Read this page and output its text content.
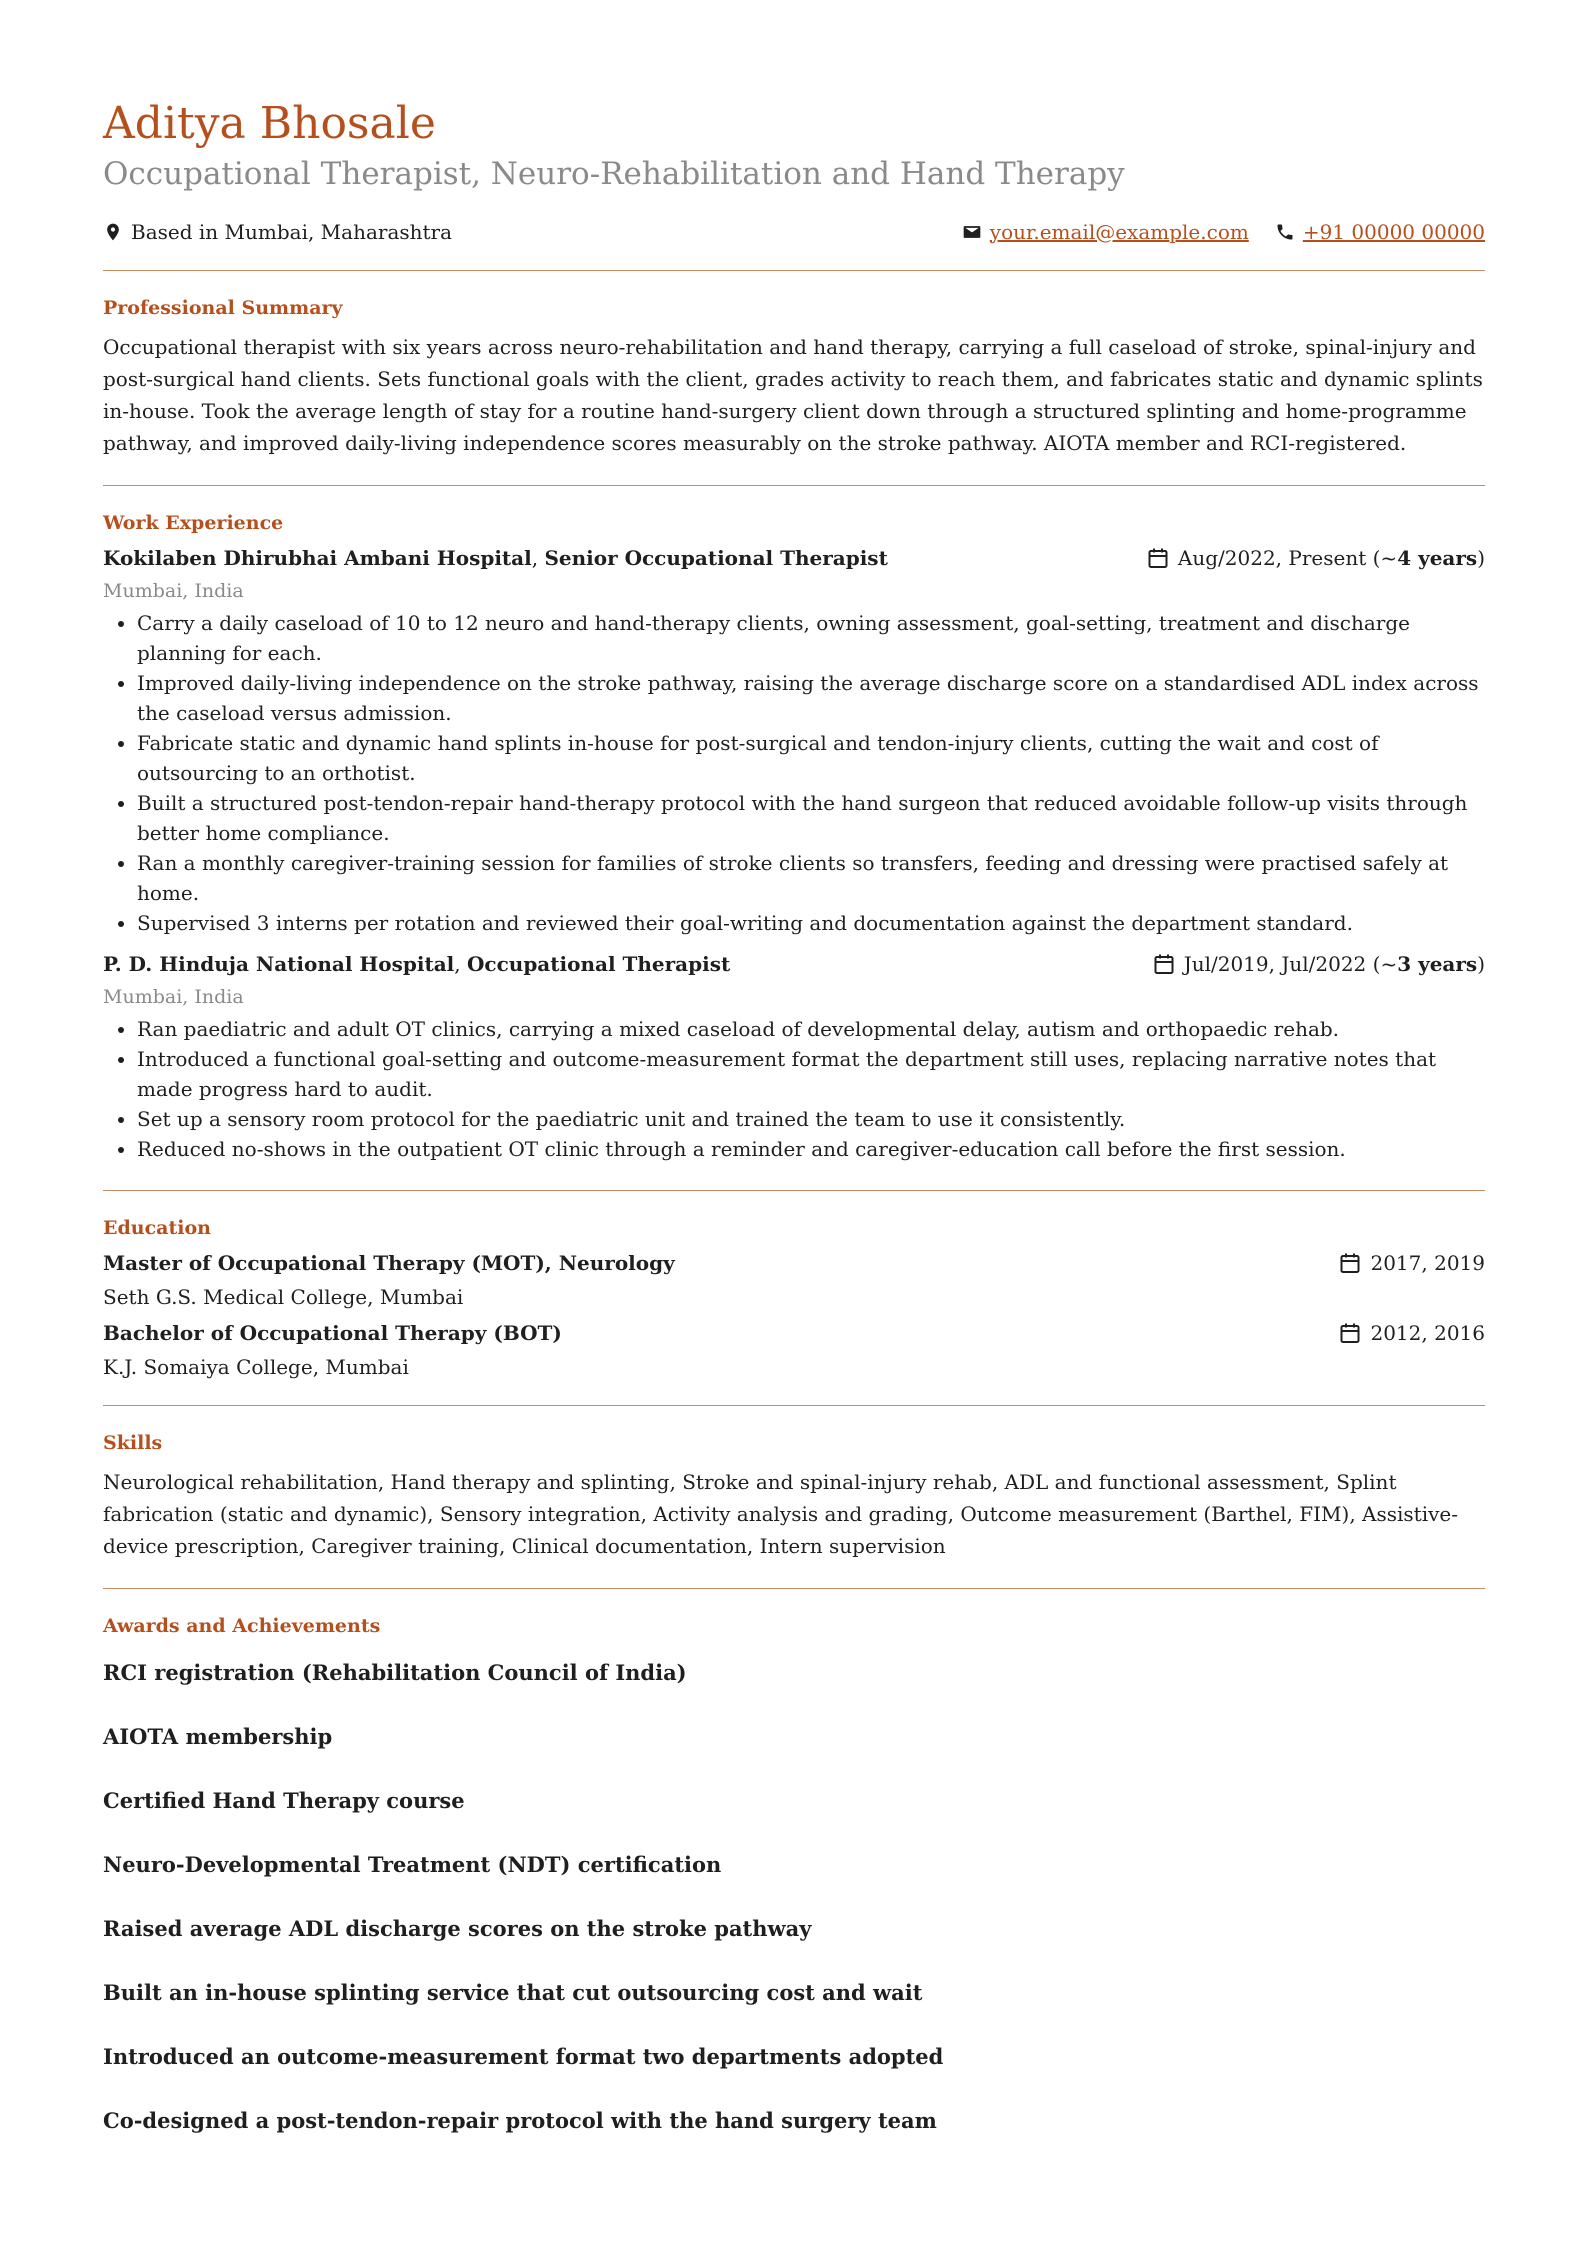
Aditya Bhosale
Occupational Therapist, Neuro-Rehabilitation and Hand Therapy
Based in Mumbai, Maharashtra	your.email@example.com	+91 00000 00000
Professional Summary

Occupational therapist with six years across neuro-rehabilitation and hand therapy, carrying a full caseload of stroke, spinal-injury and post-surgical hand clients. Sets functional goals with the client, grades activity to reach them, and fabricates static and dynamic splints in-house. Took the average length of stay for a routine hand-surgery client down through a structured splinting and home-programme pathway, and improved daily-living independence scores measurably on the stroke pathway. AIOTA member and RCI-registered.

Work Experience
Kokilaben Dhirubhai Ambani Hospital, Senior Occupational Therapist	Aug/2022, Present (~ 4 years )
Mumbai, India
• Carry a daily caseload of 10 to 12 neuro and hand-therapy clients, owning assessment, goal-setting, treatment and discharge planning for each.
• Improved daily-living independence on the stroke pathway, raising the average discharge score on a standardised ADL index across the caseload versus admission.
• Fabricate static and dynamic hand splints in-house for post-surgical and tendon-injury clients, cutting the wait and cost of outsourcing to an orthotist.
• Built a structured post-tendon-repair hand-therapy protocol with the hand surgeon that reduced avoidable follow-up visits through better home compliance.
• Ran a monthly caregiver-training session for families of stroke clients so transfers, feeding and dressing were practised safely at home.
• Supervised 3 interns per rotation and reviewed their goal-writing and documentation against the department standard.
P. D. Hinduja National Hospital, Occupational Therapist	Jul/2019, Jul/2022 (~ 3 years )
Mumbai, India
• Ran paediatric and adult OT clinics, carrying a mixed caseload of developmental delay, autism and orthopaedic rehab.
• Introduced a functional goal-setting and outcome-measurement format the department still uses, replacing narrative notes that made progress hard to audit.
• Set up a sensory room protocol for the paediatric unit and trained the team to use it consistently.
• Reduced no-shows in the outpatient OT clinic through a reminder and caregiver-education call before the first session.
Education
Master of Occupational Therapy (MOT), Neurology	2017, 2019
Seth G.S. Medical College, Mumbai
Bachelor of Occupational Therapy (BOT)	2012, 2016
K.J. Somaiya College, Mumbai
Skills

Neurological rehabilitation, Hand therapy and splinting, Stroke and spinal-injury rehab, ADL and functional assessment, Splint fabrication (static and dynamic), Sensory integration, Activity analysis and grading, Outcome measurement (Barthel, FIM), Assistive-device prescription, Caregiver training, Clinical documentation, Intern supervision

Awards and Achievements
RCI registration (Rehabilitation Council of India)
AIOTA membership
Certified Hand Therapy course
Neuro-Developmental Treatment (NDT) certification
Raised average ADL discharge scores on the stroke pathway
Built an in-house splinting service that cut outsourcing cost and wait
Introduced an outcome-measurement format two departments adopted
Co-designed a post-tendon-repair protocol with the hand surgery team
